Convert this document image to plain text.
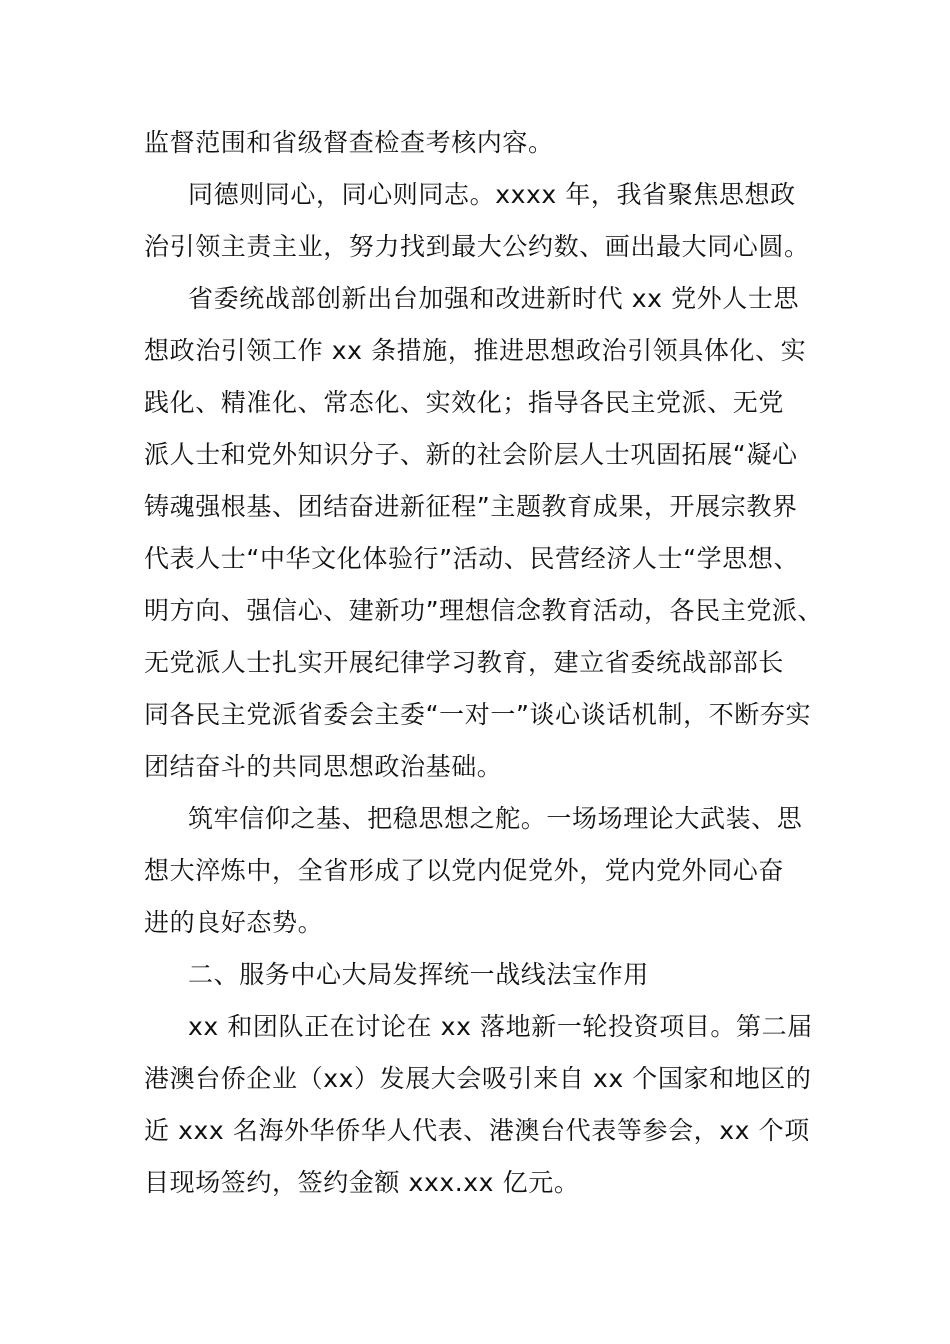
监督范围和省级督查检查考核内容。
同德则同心，同心则同志。xxxx 年，我省聚焦思想政
治引领主责主业，努力找到最大公约数、画出最大同心圆。
省委统战部创新出台加强和改进新时代 xx 党外人士思
想政治引领工作 xx 条措施，推进思想政治引领具体化、实
践化、精准化、常态化、实效化；指导各民主党派、无党
派人士和党外知识分子、新的社会阶层人士巩固拓展“凝心
铸魂强根基、团结奋进新征程”主题教育成果，开展宗教界
代表人士“中华文化体验行”活动、民营经济人士“学思想、
明方向、强信心、建新功”理想信念教育活动，各民主党派、
无党派人士扎实开展纪律学习教育，建立省委统战部部长
同各民主党派省委会主委“一对一”谈心谈话机制，不断夯实
团结奋斗的共同思想政治基础。
筑牢信仰之基、把稳思想之舵。一场场理论大武装、思
想大淬炼中，全省形成了以党内促党外，党内党外同心奋
进的良好态势。
二、服务中心大局发挥统一战线法宝作用
xx 和团队正在讨论在 xx 落地新一轮投资项目。第二届
港澳台侨企业（xx）发展大会吸引来自 xx 个国家和地区的
近 xxx 名海外华侨华人代表、港澳台代表等参会，xx 个项
目现场签约，签约金额 xxx.xx 亿元。
